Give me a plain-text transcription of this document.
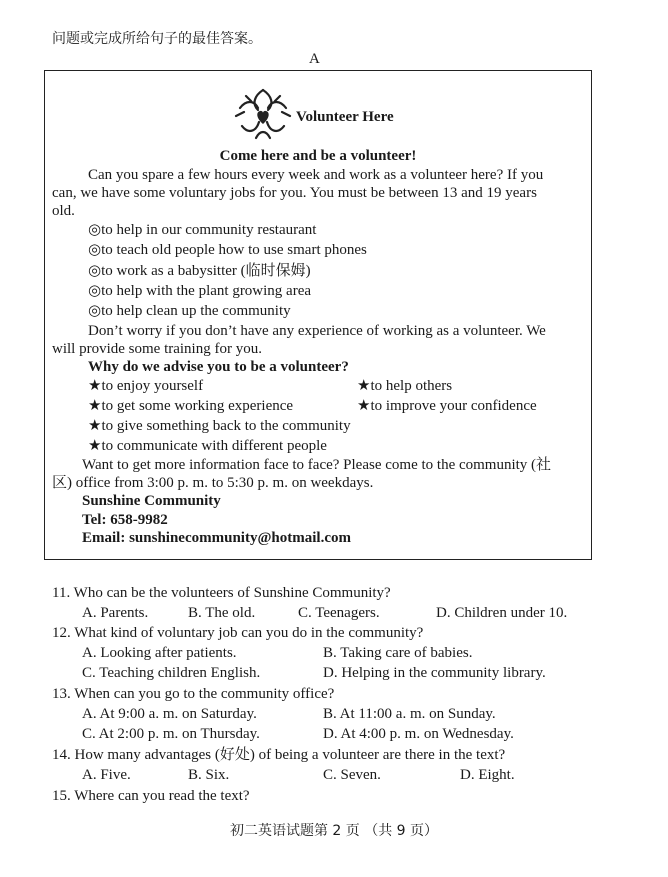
问题或完成所给句子的最佳答案。
A
Volunteer Here
Come here and be a volunteer!
Can you spare a few hours every week and work as a volunteer here? If you
can, we have some voluntary jobs for you. You must be between 13 and 19 years
old.
◎to help in our community restaurant
◎to teach old people how to use smart phones
◎to work as a babysitter (临时保姆)
◎to help with the plant growing area
◎to help clean up the community
Don’t worry if you don’t have any experience of working as a volunteer. We
will provide some training for you.
Why do we advise you to be a volunteer?
★to enjoy yourself	★to help others
★to get some working experience	★to improve your confidence
★to give something back to the community
★to communicate with different people
Want to get more information face to face? Please come to the community (社
区) office from 3:00 p. m. to 5:30 p. m. on weekdays.
Sunshine Community
Tel: 658-9982
Email: sunshinecommunity@hotmail.com
11. Who can be the volunteers of Sunshine Community?
A. Parents.	B. The old.	C. Teenagers.	D. Children under 10.
12. What kind of voluntary job can you do in the community?
A. Looking after patients.	B. Taking care of babies.
C. Teaching children English.	D. Helping in the community library.
13. When can you go to the community office?
A. At 9:00 a. m. on Saturday.	B. At 11:00 a. m. on Sunday.
C. At 2:00 p. m. on Thursday.	D. At 4:00 p. m. on Wednesday.
14. How many advantages (好处) of being a volunteer are there in the text?
A. Five.	B. Six.	C. Seven.	D. Eight.
15. Where can you read the text?
初二英语试题第 2 页 （共 9 页）
